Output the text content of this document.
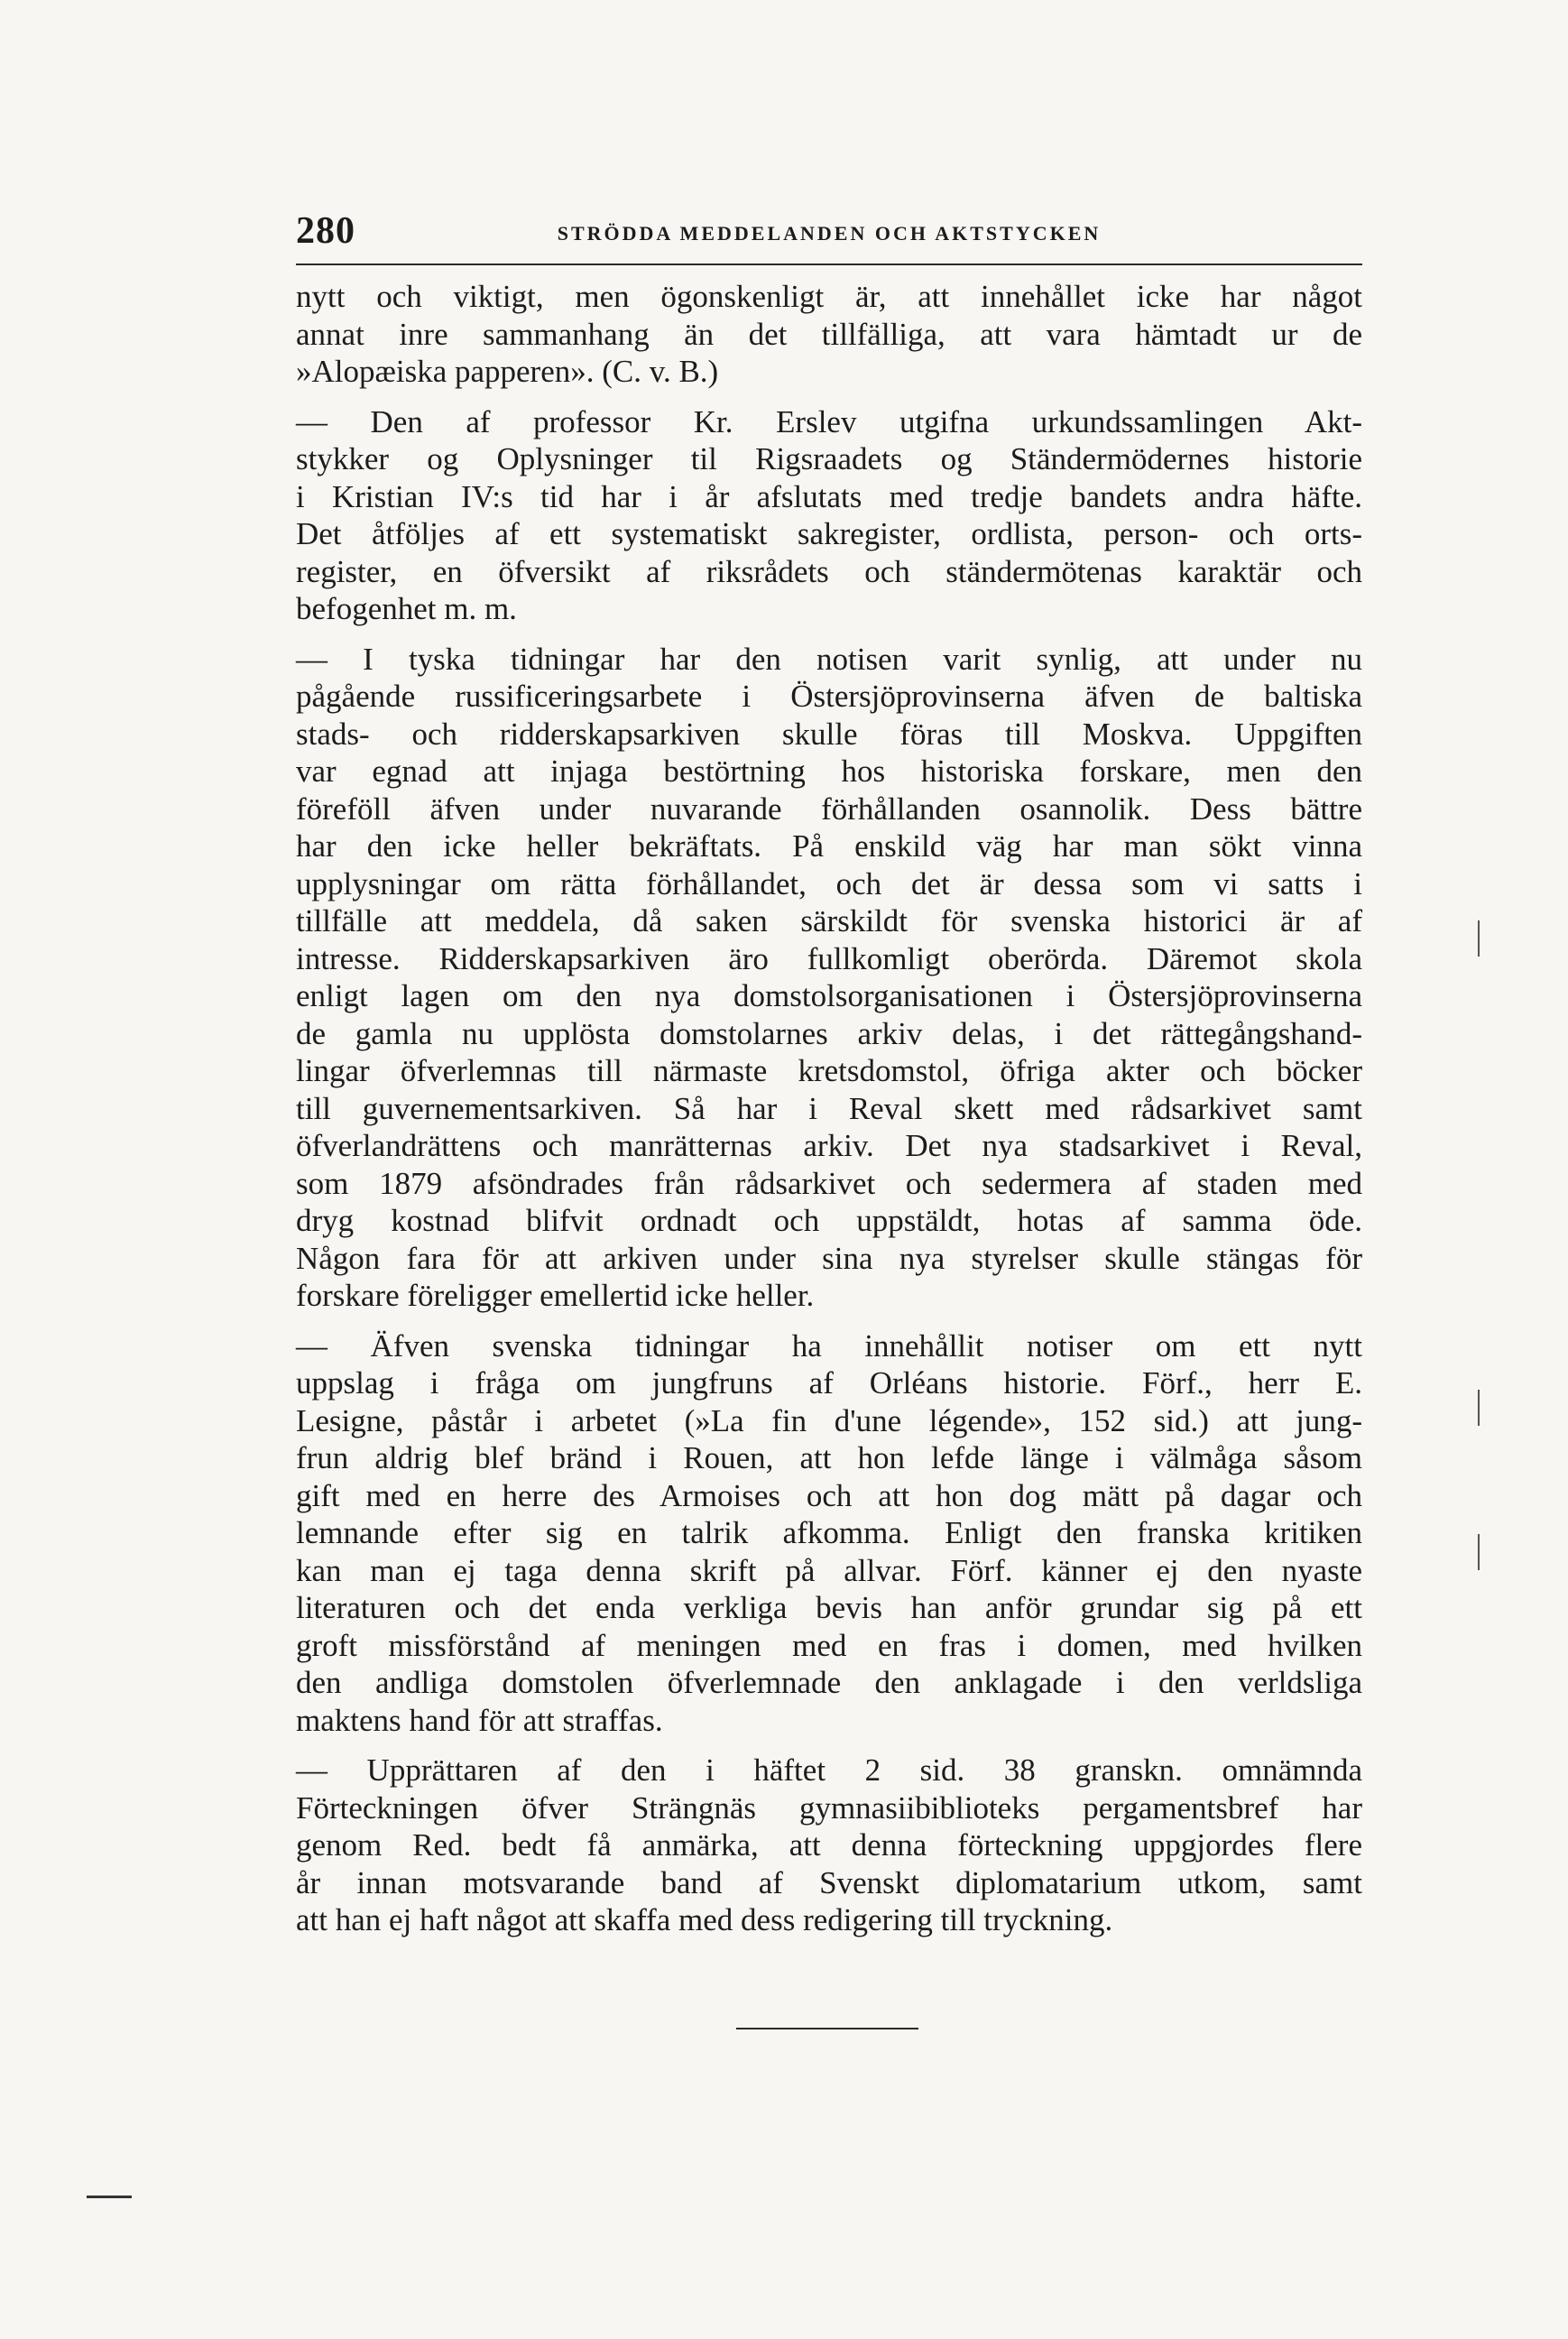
280	STRÖDDA MEDDELANDEN OCH AKTSTYCKEN

nytt och viktigt, men ögonskenligt är, att innehållet icke har något
annat inre sammanhang än det tillfälliga, att vara hämtadt ur de
»Alopæiska papperen». (C. v. B.)

— Den af professor Kr. Erslev utgifna urkundssamlingen Akt-
stykker og Oplysninger til Rigsraadets og Ständermödernes historie
i Kristian IV:s tid har i år afslutats med tredje bandets andra häfte.
Det åtföljes af ett systematiskt sakregister, ordlista, person- och orts-
register, en öfversikt af riksrådets och ständermötenas karaktär och
befogenhet m. m.

— I tyska tidningar har den notisen varit synlig, att under nu
pågående russificeringsarbete i Östersjöprovinserna äfven de baltiska
stads- och ridderskapsarkiven skulle föras till Moskva. Uppgiften
var egnad att injaga bestörtning hos historiska forskare, men den
föreföll äfven under nuvarande förhållanden osannolik. Dess bättre
har den icke heller bekräftats. På enskild väg har man sökt vinna
upplysningar om rätta förhållandet, och det är dessa som vi satts i
tillfälle att meddela, då saken särskildt för svenska historici är af
intresse. Ridderskapsarkiven äro fullkomligt oberörda. Däremot skola
enligt lagen om den nya domstolsorganisationen i Östersjöprovinserna
de gamla nu upplösta domstolarnes arkiv delas, i det rättegångshand-
lingar öfverlemnas till närmaste kretsdomstol, öfriga akter och böcker
till guvernementsarkiven. Så har i Reval skett med rådsarkivet samt
öfverlandrättens och manrätternas arkiv. Det nya stadsarkivet i Reval,
som 1879 afsöndrades från rådsarkivet och sedermera af staden med
dryg kostnad blifvit ordnadt och uppstäldt, hotas af samma öde.
Någon fara för att arkiven under sina nya styrelser skulle stängas för
forskare föreligger emellertid icke heller.

— Äfven svenska tidningar ha innehållit notiser om ett nytt
uppslag i fråga om jungfruns af Orléans historie. Förf., herr E.
Lesigne, påstår i arbetet (»La fin d'une légende», 152 sid.) att jung-
frun aldrig blef bränd i Rouen, att hon lefde länge i välmåga såsom
gift med en herre des Armoises och att hon dog mätt på dagar och
lemnande efter sig en talrik afkomma. Enligt den franska kritiken
kan man ej taga denna skrift på allvar. Förf. känner ej den nyaste
literaturen och det enda verkliga bevis han anför grundar sig på ett
groft missförstånd af meningen med en fras i domen, med hvilken
den andliga domstolen öfverlemnade den anklagade i den verldsliga
maktens hand för att straffas.

— Upprättaren af den i häftet 2 sid. 38 granskn. omnämnda
Förteckningen öfver Strängnäs gymnasiibiblioteks pergamentsbref har
genom Red. bedt få anmärka, att denna förteckning uppgjordes flere
år innan motsvarande band af Svenskt diplomatarium utkom, samt
att han ej haft något att skaffa med dess redigering till tryckning.
